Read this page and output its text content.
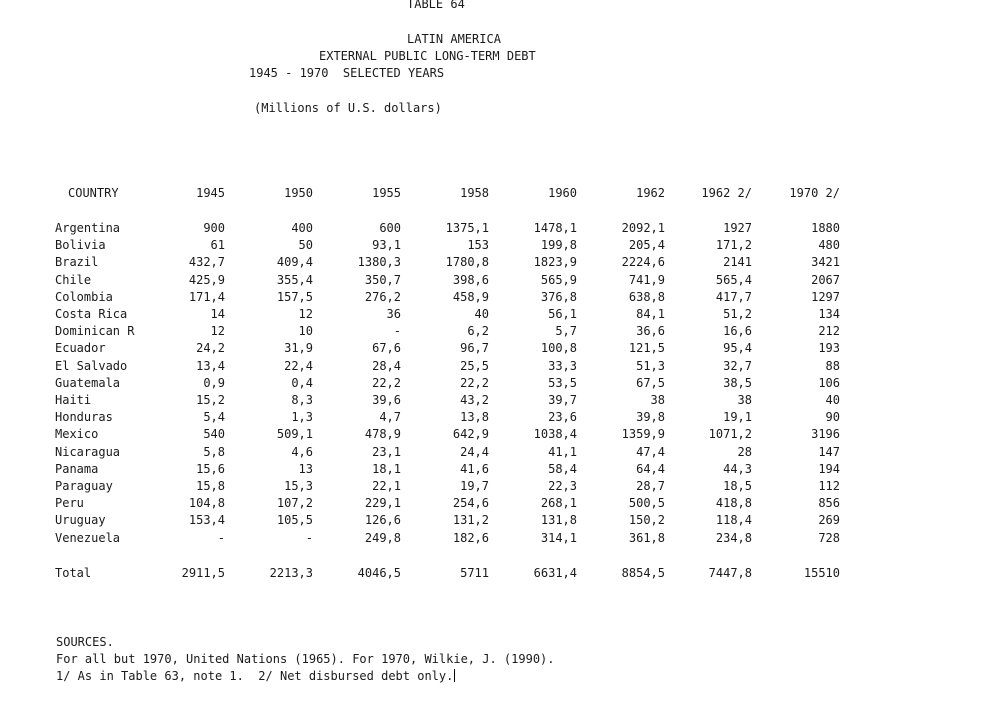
TABLE 64
LATIN AMERICA
EXTERNAL PUBLIC LONG-TERM DEBT
1945 - 1970  SELECTED YEARS
(Millions of U.S. dollars)
COUNTRY	1945	1950	1955	1958	1960	1962	1962 2/	1970 2/
Argentina	900	400	600	1375,1	1478,1	2092,1	1927	1880
Bolivia	61	50	93,1	153	199,8	205,4	171,2	480
Brazil	432,7	409,4	1380,3	1780,8	1823,9	2224,6	2141	3421
Chile	425,9	355,4	350,7	398,6	565,9	741,9	565,4	2067
Colombia	171,4	157,5	276,2	458,9	376,8	638,8	417,7	1297
Costa Rica	14	12	36	40	56,1	84,1	51,2	134
Dominican R	12	10	-	6,2	5,7	36,6	16,6	212
Ecuador	24,2	31,9	67,6	96,7	100,8	121,5	95,4	193
El Salvado	13,4	22,4	28,4	25,5	33,3	51,3	32,7	88
Guatemala	0,9	0,4	22,2	22,2	53,5	67,5	38,5	106
Haiti	15,2	8,3	39,6	43,2	39,7	38	38	40
Honduras	5,4	1,3	4,7	13,8	23,6	39,8	19,1	90
Mexico	540	509,1	478,9	642,9	1038,4	1359,9	1071,2	3196
Nicaragua	5,8	4,6	23,1	24,4	41,1	47,4	28	147
Panama	15,6	13	18,1	41,6	58,4	64,4	44,3	194
Paraguay	15,8	15,3	22,1	19,7	22,3	28,7	18,5	112
Peru	104,8	107,2	229,1	254,6	268,1	500,5	418,8	856
Uruguay	153,4	105,5	126,6	131,2	131,8	150,2	118,4	269
Venezuela	-	-	249,8	182,6	314,1	361,8	234,8	728
Total	2911,5	2213,3	4046,5	5711	6631,4	8854,5	7447,8	15510
SOURCES.
For all but 1970, United Nations (1965). For 1970, Wilkie, J. (1990).
1/ As in Table 63, note 1.  2/ Net disbursed debt only.
